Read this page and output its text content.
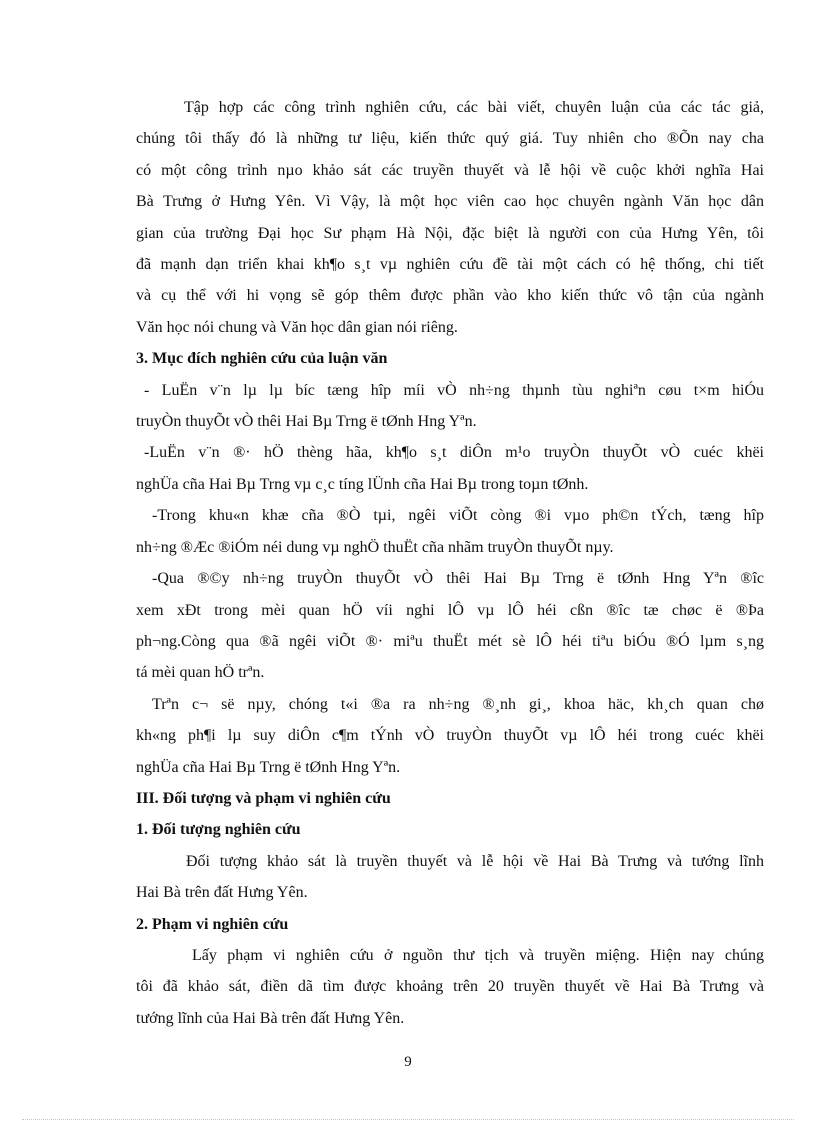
Tập hợp các công trình nghiên cứu, các bài viết, chuyên luận của các tác giả,
chúng tôi thấy đó là những tư liệu, kiến thức quý giá. Tuy nhiên cho ®Õn nay cha
có một công trình nµo khảo sát các truyền thuyết và lễ hội về cuộc khởi nghĩa Hai
Bà Trưng ở Hưng Yên. Vì Vậy, là một học viên cao học chuyên ngành Văn học dân
gian của trường Đại học Sư phạm Hà Nội, đặc biệt là người con của Hưng Yên, tôi
đã mạnh dạn triển khai kh¶o s¸t vµ nghiên cứu đề tài một cách có hệ thống, chi tiết
và cụ thể với hi vọng sẽ góp thêm được phần vào kho kiến thức vô tận của ngành
Văn học nói chung và Văn học dân gian nói riêng.
3. Mục đích nghiên cứu của luận văn
- LuËn v¨n lµ lµ bíc tæng hîp míi vÒ nh÷ng thµnh tùu nghiªn cøu t×m hiÓu
truyÒn thuyÕt vÒ thêi Hai Bµ Trng ë tØnh Hng Yªn.
-LuËn v¨n ®· hÖ thèng hãa, kh¶o s¸t diÔn m¹o truyÒn thuyÕt vÒ cuéc khëi
nghÜa cña Hai Bµ Trng vµ c¸c tíng lÜnh cña Hai Bµ trong toµn tØnh.
-Trong khu«n khæ cña ®Ò tµi, ngêi viÕt còng ®i vµo ph©n tÝch, tæng hîp
nh÷ng ®Æc ®iÓm néi dung vµ nghÖ thuËt cña nhãm truyÒn thuyÕt nµy.
-Qua ®©y nh÷ng truyÒn thuyÕt vÒ thêi Hai Bµ Trng ë tØnh Hng Yªn ®îc
xem xÐt trong mèi quan hÖ víi nghi lÔ vµ lÔ héi cßn ®îc tæ chøc ë ®Þa
ph¬ng.Còng qua ®ã ngêi viÕt ®· miªu thuËt mét sè lÔ héi tiªu biÓu ®Ó lµm s¸ng
tá mèi quan hÖ trªn.
Trªn c¬ së nµy, chóng t«i ®a ra nh÷ng ®¸nh gi¸, khoa häc, kh¸ch quan chø
kh«ng ph¶i lµ suy diÔn c¶m tÝnh vÒ truyÒn thuyÕt vµ lÔ héi trong cuéc khëi
nghÜa cña Hai Bµ Trng ë tØnh Hng Yªn.
III. Đối tượng và phạm vi nghiên cứu
1. Đối tượng nghiên cứu
Đối tượng khảo sát là truyền thuyết và lễ hội về Hai Bà Trưng và tướng lĩnh
Hai Bà trên đất Hưng Yên.
2. Phạm vi nghiên cứu
Lấy phạm vi nghiên cứu ở nguồn thư tịch và truyền miệng. Hiện nay chúng
tôi đã khảo sát, điền dã tìm được khoảng trên 20 truyền thuyết về Hai Bà Trưng và
tướng lĩnh của Hai Bà trên đất Hưng Yên.
9
